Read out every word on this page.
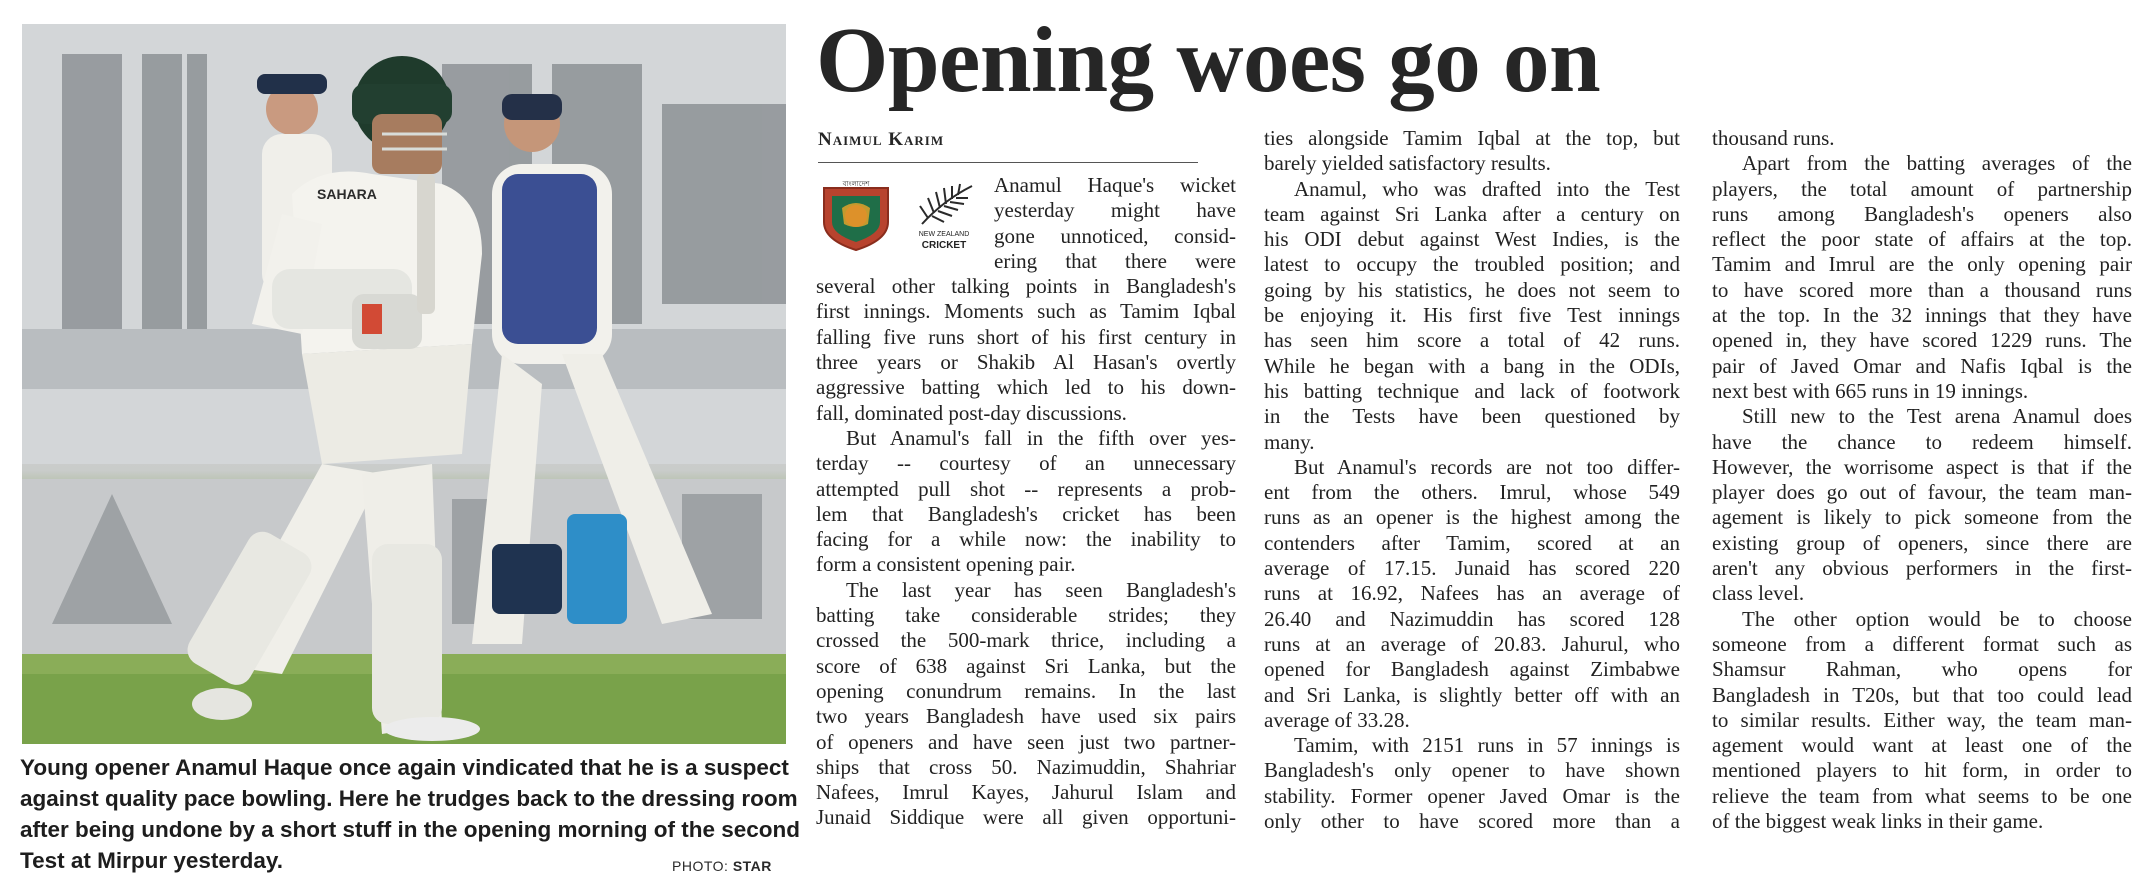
SAHARA

Young opener Anamul Haque once again vindicated that he is a suspect

against quality pace bowling. Here he trudges back to the dressing room

after being undone by a short stuff in the opening morning of the second

Test at Mirpur yesterday.	PHOTO: STAR
Opening woes go on
Naimul Karim
বাংলাদেশ
NEW ZEALAND
CRICKET

Anamul Haque's wicket

yesterday might have

gone unnoticed, consid-

ering that there were

several other talking points in Bangladesh's

first innings. Moments such as Tamim Iqbal

falling five runs short of his first century in

three years or Shakib Al Hasan's overtly

aggressive batting which led to his down-

fall, dominated post-day discussions.

But Anamul's fall in the fifth over yes-

terday -- courtesy of an unnecessary

attempted pull shot -- represents a prob-

lem that Bangladesh's cricket has been

facing for a while now: the inability to

form a consistent opening pair.

The last year has seen Bangladesh's

batting take considerable strides; they

crossed the 500-mark thrice, including a

score of 638 against Sri Lanka, but the

opening conundrum remains. In the last

two years Bangladesh have used six pairs

of openers and have seen just two partner-

ships that cross 50. Nazimuddin, Shahriar

Nafees, Imrul Kayes, Jahurul Islam and

Junaid Siddique were all given opportuni-

ties alongside Tamim Iqbal at the top, but

barely yielded satisfactory results.

Anamul, who was drafted into the Test

team against Sri Lanka after a century on

his ODI debut against West Indies, is the

latest to occupy the troubled position; and

going by his statistics, he does not seem to

be enjoying it. His first five Test innings

has seen him score a total of 42 runs.

While he began with a bang in the ODIs,

his batting technique and lack of footwork

in the Tests have been questioned by

many.

But Anamul's records are not too differ-

ent from the others. Imrul, whose 549

runs as an opener is the highest among the

contenders after Tamim, scored at an

average of 17.15. Junaid has scored 220

runs at 16.92, Nafees has an average of

26.40 and Nazimuddin has scored 128

runs at an average of 20.83. Jahurul, who

opened for Bangladesh against Zimbabwe

and Sri Lanka, is slightly better off with an

average of 33.28.

Tamim, with 2151 runs in 57 innings is

Bangladesh's only opener to have shown

stability. Former opener Javed Omar is the

only other to have scored more than a

thousand runs.

Apart from the batting averages of the

players, the total amount of partnership

runs among Bangladesh's openers also

reflect the poor state of affairs at the top.

Tamim and Imrul are the only opening pair

to have scored more than a thousand runs

at the top. In the 32 innings that they have

opened in, they have scored 1229 runs. The

pair of Javed Omar and Nafis Iqbal is the

next best with 665 runs in 19 innings.

Still new to the Test arena Anamul does

have the chance to redeem himself.

However, the worrisome aspect is that if the

player does go out of favour, the team man-

agement is likely to pick someone from the

existing group of openers, since there are

aren't any obvious performers in the first-

class level.

The other option would be to choose

someone from a different format such as

Shamsur Rahman, who opens for

Bangladesh in T20s, but that too could lead

to similar results. Either way, the team man-

agement would want at least one of the

mentioned players to hit form, in order to

relieve the team from what seems to be one

of the biggest weak links in their game.
